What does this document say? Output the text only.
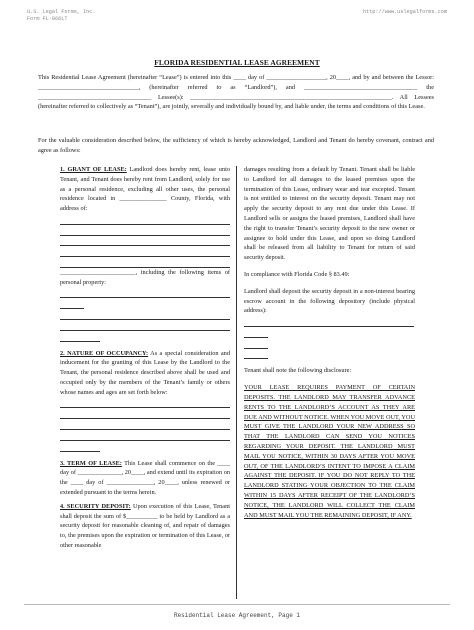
U.S. Legal Forms, Inc.
Form FL-866LT
http://www.uslegalforms.com
FLORIDA RESIDENTIAL LEASE AGREEMENT

This Residential Lease Agreement (hereinafter “Lease”) is entered into this ____ day of ___________________, 20____, and by and between the Lessor: ________________________________, (hereinafter referred to as “Landlord”), and ____________________________________ the ____________________________________ Lessee(s): ________________________________________________________________. All Lessees (hereinafter referred to collectively as “Tenant”), are jointly, severally and individually bound by, and liable under, the terms and conditions of this Lease.

For the valuable consideration described below, the sufficiency of which is hereby acknowledged, Landlord and Tenant do hereby covenant, contract and agree as follows:

1. GRANT OF LEASE: Landlord does hereby rent, lease unto Tenant, and Tenant does hereby rent from Landlord, solely for use as a personal residence, excluding all other uses, the personal residence located in _______________ County, Florida, with address of:

________________________, including the following items of personal property:

2. NATURE OF OCCUPANCY: As a special consideration and inducement for the granting of this Lease by the Landlord to the Tenant, the personal residence described above shall be used and occupied only by the members of the Tenant’s family or others whose names and ages are set forth below:

3. TERM OF LEASE: This Lease shall commence on the ____ day of ______________, 20____, and extend until its expiration on the ____ day of _______________, 20____, unless renewed or extended pursuant to the terms herein.

4. SECURITY DEPOSIT: Upon execution of this Lease, Tenant shall deposit the sum of $__________ to be held by Landlord as a security deposit for reasonable cleaning of, and repair of damages to, the premises upon the expiration or termination of this Lease, or other reasonable

damages resulting from a default by Tenant. Tenant shall be liable to Landlord for all damages to the leased premises upon the termination of this Lease, ordinary wear and tear excepted. Tenant is not entitled to interest on the security deposit. Tenant may not apply the security deposit to any rent due under this Lease. If Landlord sells or assigns the leased premises, Landlord shall have the right to transfer Tenant’s security deposit to the new owner or assignee to hold under this Lease, and upon so doing Landlord shall be released from all liability to Tenant for return of said security deposit.

In compliance with Florida Code § 83.49:

Landlord shall deposit the security deposit in a non-interest bearing escrow account in the following depository (include physical address):

Tenant shall note the following disclosure:

YOUR LEASE REQUIRES PAYMENT OF CERTAIN DEPOSITS. THE LANDLORD MAY TRANSFER ADVANCE RENTS TO THE LANDLORD’S ACCOUNT AS THEY ARE DUE AND WITHOUT NOTICE. WHEN YOU MOVE OUT, YOU MUST GIVE THE LANDLORD YOUR NEW ADDRESS SO THAT THE LANDLORD CAN SEND YOU NOTICES REGARDING YOUR DEPOSIT. THE LANDLORD MUST MAIL YOU NOTICE, WITHIN 30 DAYS AFTER YOU MOVE OUT, OF THE LANDLORD’S INTENT TO IMPOSE A CLAIM AGAINST THE DEPOSIT. IF YOU DO NOT REPLY TO THE LANDLORD STATING YOUR OBJECTION TO THE CLAIM WITHIN 15 DAYS AFTER RECEIPT OF THE LANDLORD’S NOTICE, THE LANDLORD WILL COLLECT THE CLAIM AND MUST MAIL YOU THE REMAINING DEPOSIT, IF ANY.

Residential Lease Agreement, Page 1
